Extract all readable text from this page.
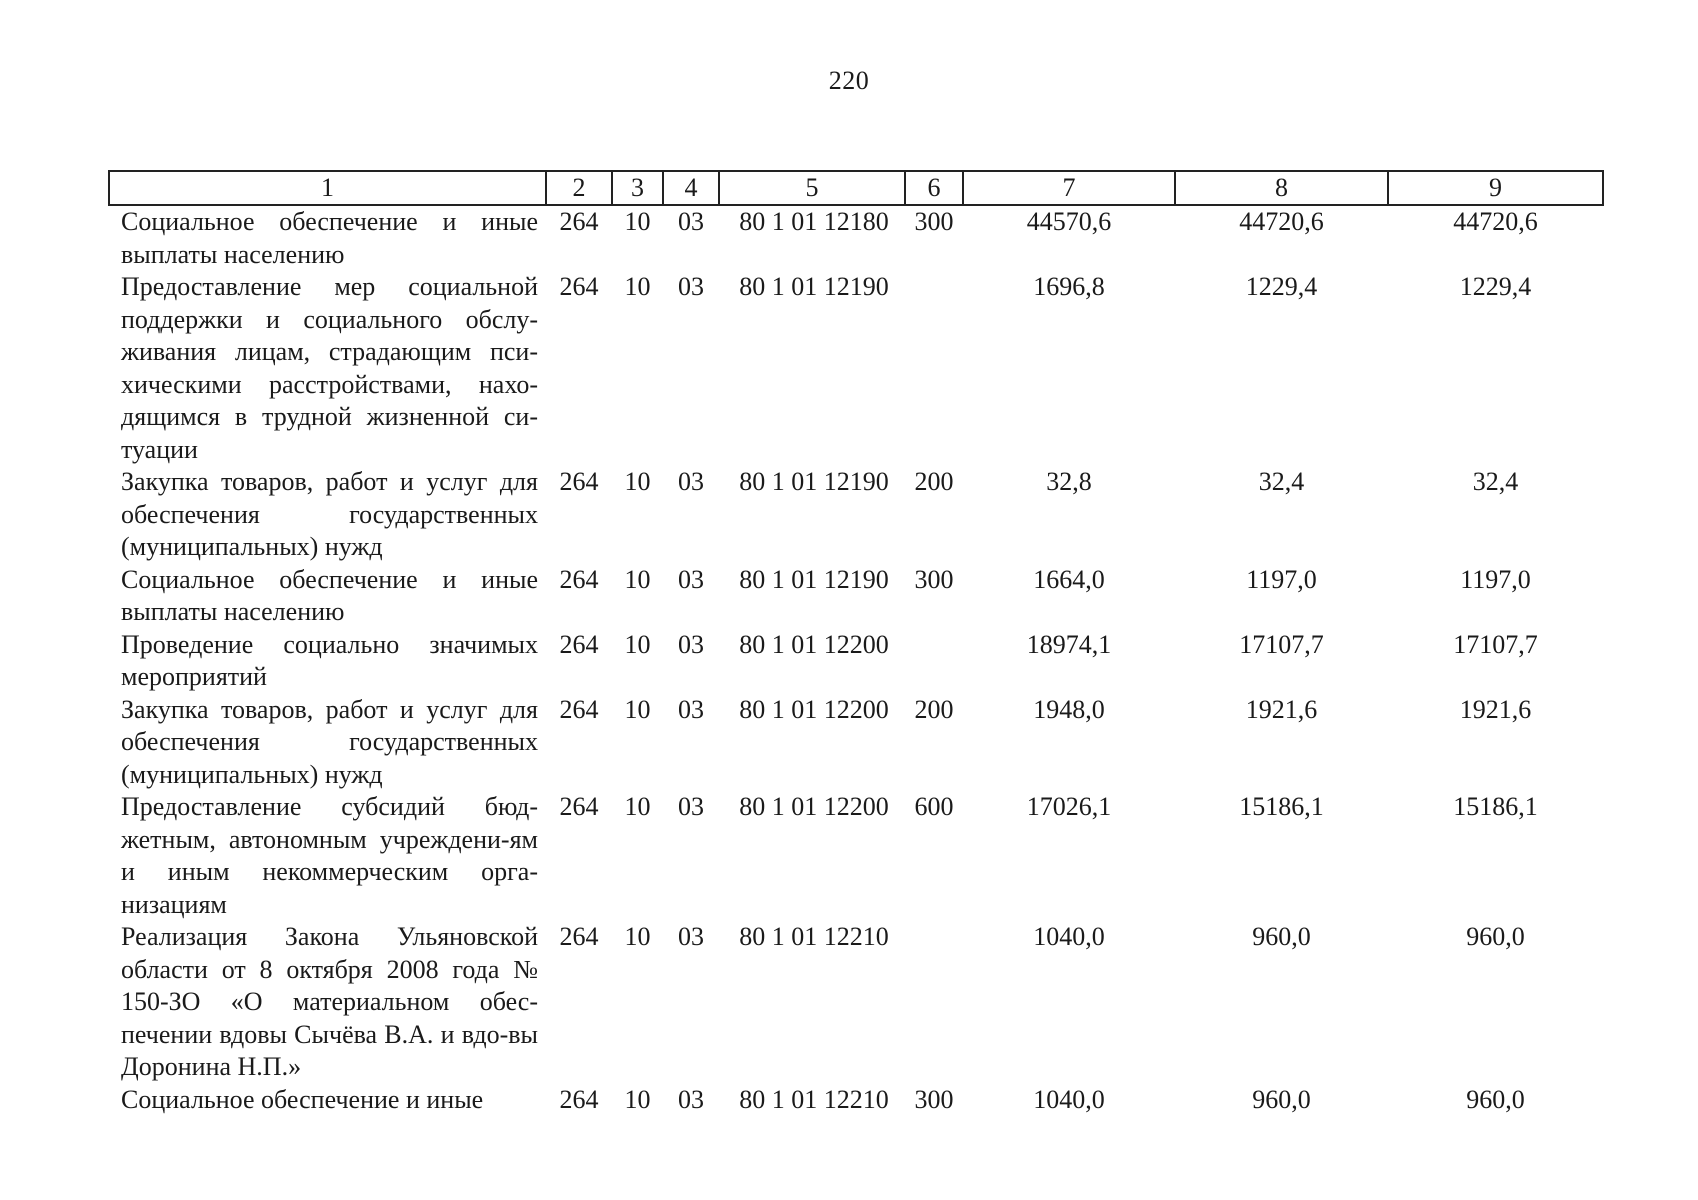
220
1	2	3	4	5	6	7	8	9
Социальное обеспечение и иные выплаты населению	264	10	03	80 1 01 12180	300	44570,6	44720,6	44720,6
Предоставление мер социальной поддержки и социального обслу-живания лицам, страдающим пси-хическими расстройствами, нахо-дящимся в трудной жизненной си-туации	264	10	03	80 1 01 12190		1696,8	1229,4	1229,4
Закупка товаров, работ и услуг для обеспечения государственных (муниципальных) нужд	264	10	03	80 1 01 12190	200	32,8	32,4	32,4
Социальное обеспечение и иные выплаты населению	264	10	03	80 1 01 12190	300	1664,0	1197,0	1197,0
Проведение социально значимых мероприятий	264	10	03	80 1 01 12200		18974,1	17107,7	17107,7
Закупка товаров, работ и услуг для обеспечения государственных (муниципальных) нужд	264	10	03	80 1 01 12200	200	1948,0	1921,6	1921,6
Предоставление субсидий бюд-жетным, автономным учреждени-ям и иным некоммерческим орга-низациям	264	10	03	80 1 01 12200	600	17026,1	15186,1	15186,1
Реализация Закона Ульяновской области от 8 октября 2008 года № 150-ЗО «О материальном обес-печении вдовы Сычёва В.А. и вдо-вы Доронина Н.П.»	264	10	03	80 1 01 12210		1040,0	960,0	960,0
Социальное обеспечение и иные	264	10	03	80 1 01 12210	300	1040,0	960,0	960,0
